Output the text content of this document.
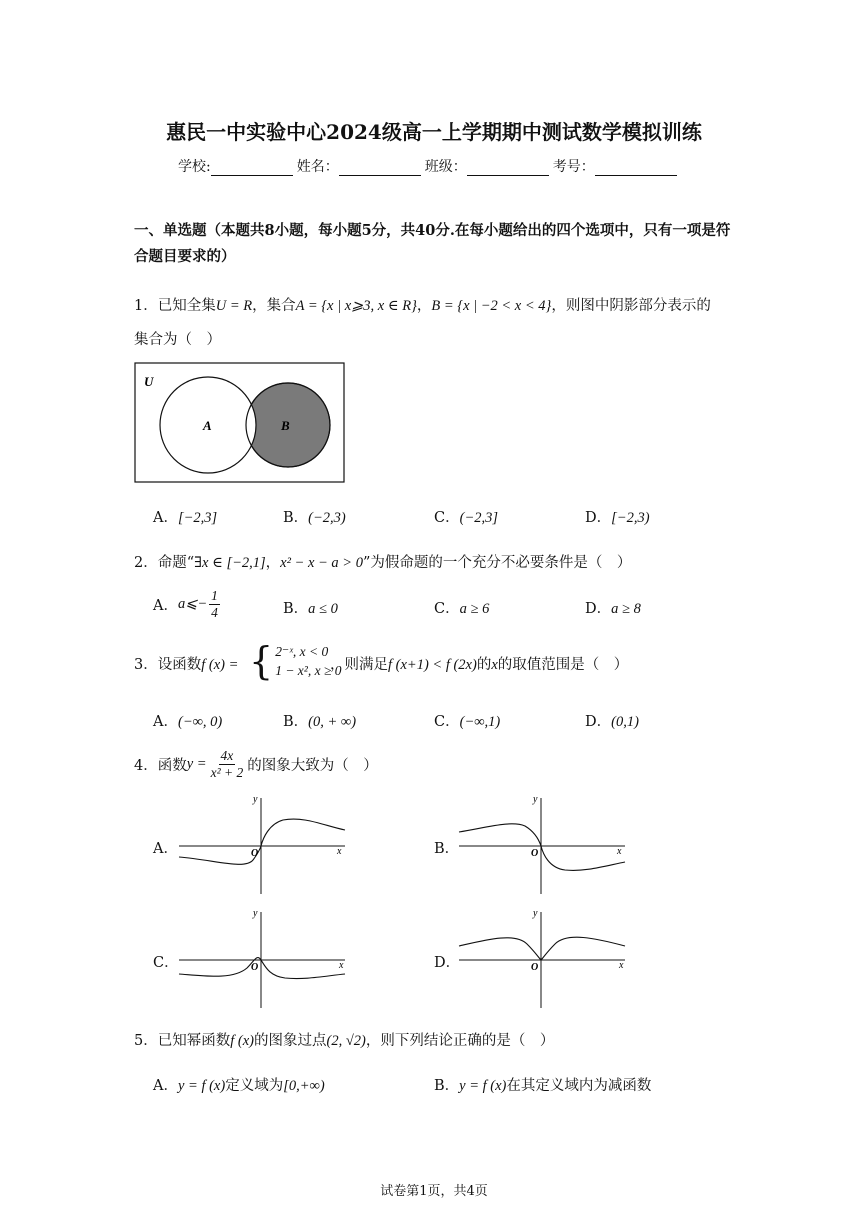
惠民一中实验中心2024级高一上学期期中测试数学模拟训练
学校:	姓名：	班级：	考号：
一、单选题（本题共8小题，每小题5分，共40分.在每小题给出的四个选项中，只有一项是符合题目要求的）
1．已知全集U = R，集合A = {x | x⩾3, x ∈ R}，B = {x | −2 < x < 4}，则图中阴影部分表示的
集合为（　）
U
A	B
A．[−2,3]	B．(−2,3)	C．(−2,3]	D．[−2,3)
2．命题“∃x ∈ [−2,1]，x² − x − a > 0”为假命题的一个充分不必要条件是（　）
A． a⩽− $\frac{1}{4}$	B．a ≤ 0	C．a ≥ 6	D．a ≥ 8
3．设函数f (x) = { 2⁻ˣ, x < 0
1 − x², x ≥ 0
，则满足f (x+1) < f (2x)的x的取值范围是（　）
A．(−∞, 0)	B．(0, + ∞)	C．(−∞,1)	D．(0,1)
4． 函数 $y = \frac{4x}{\text{x² + 2}}$ 的图象大致为（　）
A．
y
x
O	B．
y
x
O
C．
y
x
O	D．
y
x
O
5．已知幂函数f (x)的图象过点(2, √2)，则下列结论正确的是（　）
A．y = f (x)定义域为[0,+∞)	B．y = f (x)在其定义域内为减函数
试卷第1页，共4页
